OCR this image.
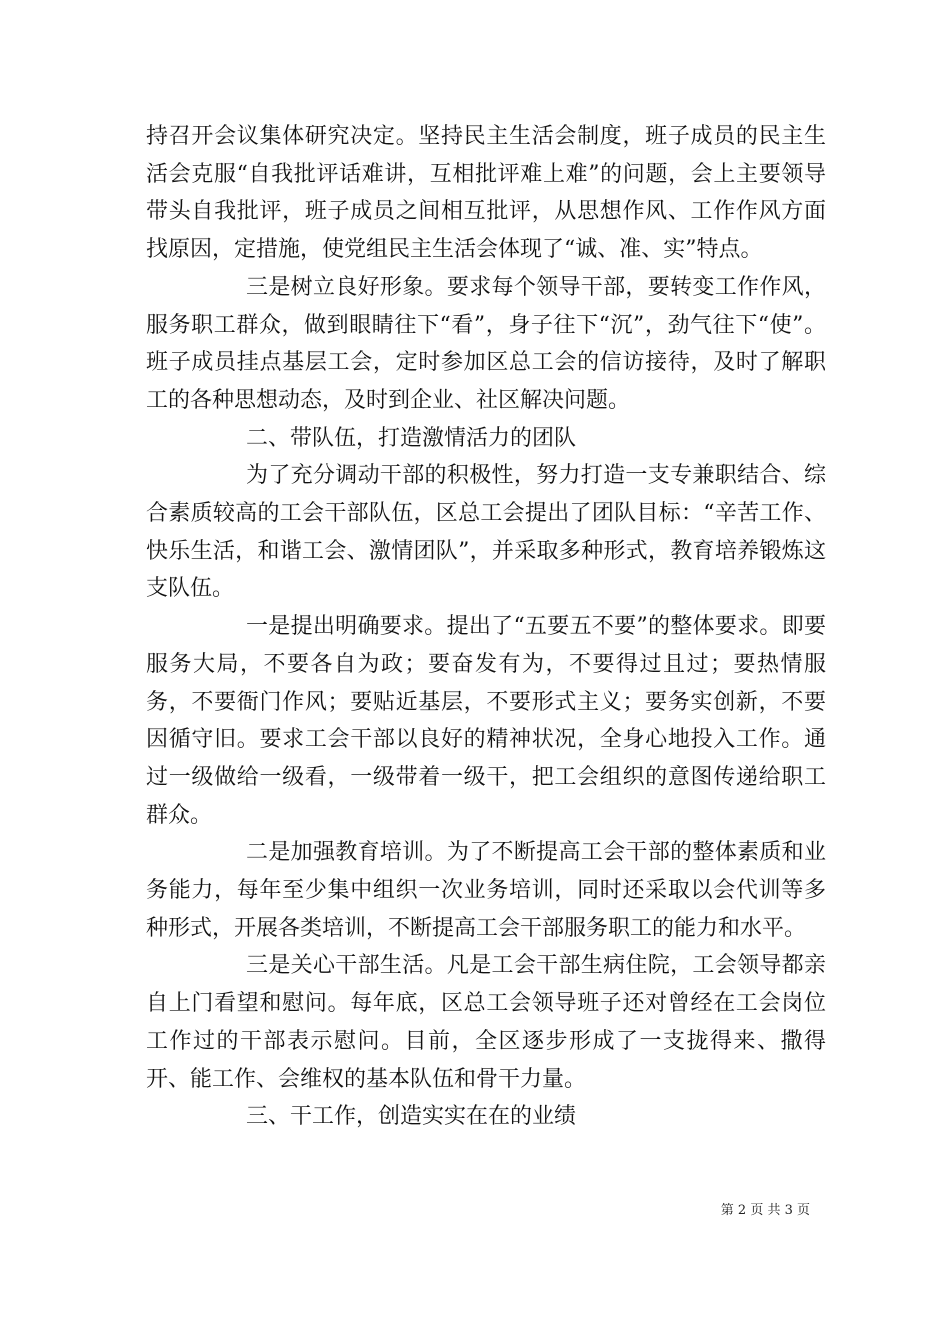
持召开会议集体研究决定。坚持民主生活会制度，班子成员的民主生活会克服“自我批评话难讲，互相批评难上难”的问题，会上主要领导带头自我批评，班子成员之间相互批评，从思想作风、工作作风方面找原因，定措施，使党组民主生活会体现了“诚、准、实”特点。

三是树立良好形象。要求每个领导干部，要转变工作作风，服务职工群众，做到眼睛往下“看”，身子往下“沉”，劲气往下“使”。班子成员挂点基层工会，定时参加区总工会的信访接待，及时了解职工的各种思想动态，及时到企业、社区解决问题。

二、带队伍，打造激情活力的团队

为了充分调动干部的积极性，努力打造一支专兼职结合、综合素质较高的工会干部队伍，区总工会提出了团队目标：“辛苦工作、快乐生活，和谐工会、激情团队”，并采取多种形式，教育培养锻炼这支队伍。

一是提出明确要求。提出了“五要五不要”的整体要求。即要服务大局，不要各自为政；要奋发有为，不要得过且过；要热情服务，不要衙门作风；要贴近基层，不要形式主义；要务实创新，不要因循守旧。要求工会干部以良好的精神状况，全身心地投入工作。通过一级做给一级看，一级带着一级干，把工会组织的意图传递给职工群众。

二是加强教育培训。为了不断提高工会干部的整体素质和业务能力，每年至少集中组织一次业务培训，同时还采取以会代训等多种形式，开展各类培训，不断提高工会干部服务职工的能力和水平。

三是关心干部生活。凡是工会干部生病住院，工会领导都亲自上门看望和慰问。每年底，区总工会领导班子还对曾经在工会岗位工作过的干部表示慰问。目前，全区逐步形成了一支拢得来、撒得开、能工作、会维权的基本队伍和骨干力量。

三、干工作，创造实实在在的业绩

第 2 页 共 3 页
